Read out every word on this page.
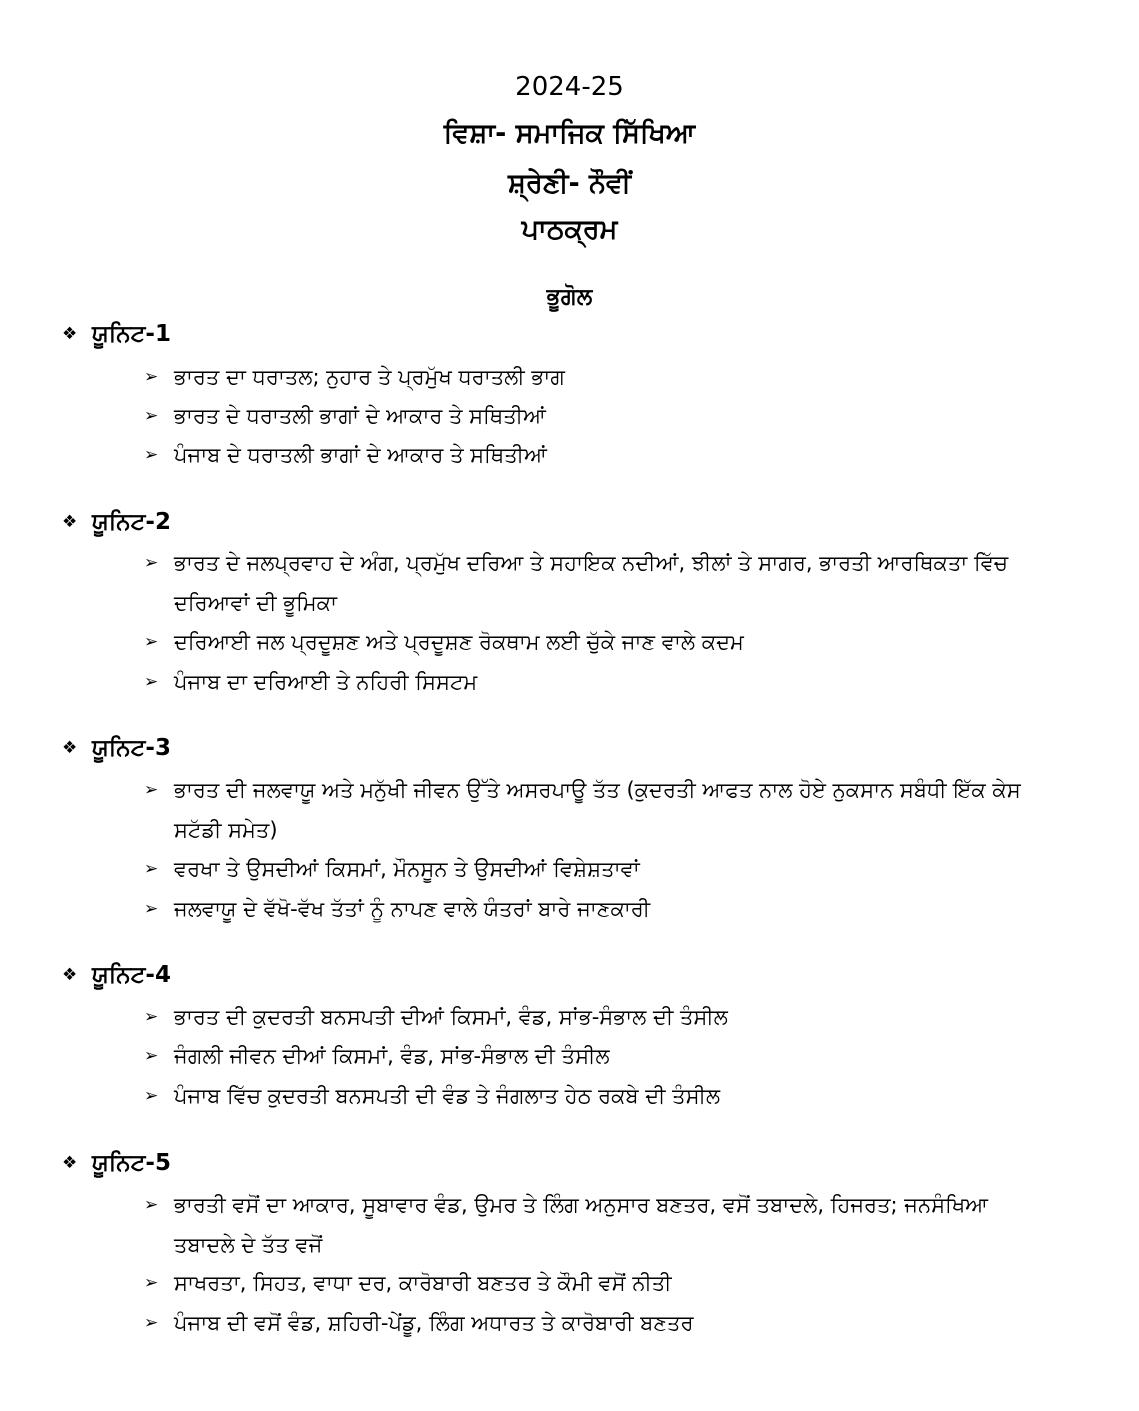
2024-25
ਵਿਸ਼ਾ- ਸਮਾਜਿਕ ਸਿੱਖਿਆ
ਸ਼੍ਰੇਣੀ- ਨੌਵੀਂ
ਪਾਠਕ੍ਰਮ
ਭੂਗੋਲ
❖ ਯੂਨਿਟ-1
➢ ਭਾਰਤ ਦਾ ਧਰਾਤਲ; ਨੁਹਾਰ ਤੇ ਪ੍ਰਮੁੱਖ ਧਰਾਤਲੀ ਭਾਗ
➢ ਭਾਰਤ ਦੇ ਧਰਾਤਲੀ ਭਾਗਾਂ ਦੇ ਆਕਾਰ ਤੇ ਸਥਿਤੀਆਂ
➢ ਪੰਜਾਬ ਦੇ ਧਰਾਤਲੀ ਭਾਗਾਂ ਦੇ ਆਕਾਰ ਤੇ ਸਥਿਤੀਆਂ
❖ ਯੂਨਿਟ-2
➢ ਭਾਰਤ ਦੇ ਜਲਪ੍ਰਵਾਹ ਦੇ ਅੰਗ, ਪ੍ਰਮੁੱਖ ਦਰਿਆ ਤੇ ਸਹਾਇਕ ਨਦੀਆਂ, ਝੀਲਾਂ ਤੇ ਸਾਗਰ, ਭਾਰਤੀ ਆਰਥਿਕਤਾ ਵਿੱਚ ਦਰਿਆਵਾਂ ਦੀ ਭੂਮਿਕਾ
➢ ਦਰਿਆਈ ਜਲ ਪ੍ਰਦੂਸ਼ਣ ਅਤੇ ਪ੍ਰਦੂਸ਼ਣ ਰੋਕਥਾਮ ਲਈ ਚੁੱਕੇ ਜਾਣ ਵਾਲੇ ਕਦਮ
➢ ਪੰਜਾਬ ਦਾ ਦਰਿਆਈ ਤੇ ਨਹਿਰੀ ਸਿਸਟਮ
❖ ਯੂਨਿਟ-3
➢ ਭਾਰਤ ਦੀ ਜਲਵਾਯੂ ਅਤੇ ਮਨੁੱਖੀ ਜੀਵਨ ਉੱਤੇ ਅਸਰਪਾਊ ਤੱਤ (ਕੁਦਰਤੀ ਆਫਤ ਨਾਲ ਹੋਏ ਨੁਕਸਾਨ ਸਬੰਧੀ ਇੱਕ ਕੇਸ ਸਟੱਡੀ ਸਮੇਤ)
➢ ਵਰਖਾ ਤੇ ਉਸਦੀਆਂ ਕਿਸਮਾਂ, ਮੌਨਸੂਨ ਤੇ ਉਸਦੀਆਂ ਵਿਸ਼ੇਸ਼ਤਾਵਾਂ
➢ ਜਲਵਾਯੂ ਦੇ ਵੱਖੋ-ਵੱਖ ਤੱਤਾਂ ਨੂੰ ਨਾਪਣ ਵਾਲੇ ਯੰਤਰਾਂ ਬਾਰੇ ਜਾਣਕਾਰੀ
❖ ਯੂਨਿਟ-4
➢ ਭਾਰਤ ਦੀ ਕੁਦਰਤੀ ਬਨਸਪਤੀ ਦੀਆਂ ਕਿਸਮਾਂ, ਵੰਡ, ਸਾਂਭ-ਸੰਭਾਲ ਦੀ ਤੰਸੀਲ
➢ ਜੰਗਲੀ ਜੀਵਨ ਦੀਆਂ ਕਿਸਮਾਂ, ਵੰਡ, ਸਾਂਭ-ਸੰਭਾਲ ਦੀ ਤੰਸੀਲ
➢ ਪੰਜਾਬ ਵਿੱਚ ਕੁਦਰਤੀ ਬਨਸਪਤੀ ਦੀ ਵੰਡ ਤੇ ਜੰਗਲਾਤ ਹੇਠ ਰਕਬੇ ਦੀ ਤੰਸੀਲ
❖ ਯੂਨਿਟ-5
➢ ਭਾਰਤੀ ਵਸੋਂ ਦਾ ਆਕਾਰ, ਸੂਬਾਵਾਰ ਵੰਡ, ਉਮਰ ਤੇ ਲਿੰਗ ਅਨੁਸਾਰ ਬਣਤਰ, ਵਸੋਂ ਤਬਾਦਲੇ, ਹਿਜਰਤ; ਜਨਸੰਖਿਆ ਤਬਾਦਲੇ ਦੇ ਤੱਤ ਵਜੋਂ
➢ ਸਾਖਰਤਾ, ਸਿਹਤ, ਵਾਧਾ ਦਰ, ਕਾਰੋਬਾਰੀ ਬਣਤਰ ਤੇ ਕੌਮੀ ਵਸੋਂ ਨੀਤੀ
➢ ਪੰਜਾਬ ਦੀ ਵਸੋਂ ਵੰਡ, ਸ਼ਹਿਰੀ-ਪੇਂਡੂ, ਲਿੰਗ ਅਧਾਰਤ ਤੇ ਕਾਰੋਬਾਰੀ ਬਣਤਰ
